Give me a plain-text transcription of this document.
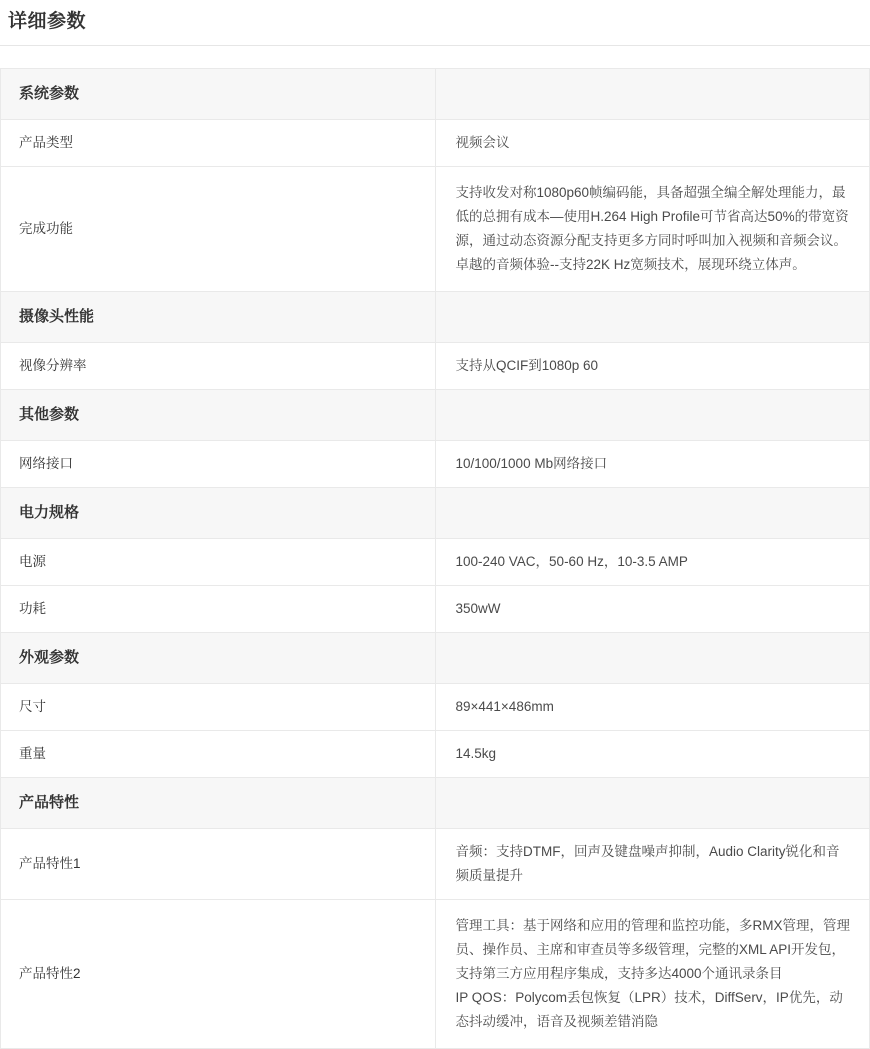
详细参数
系统参数	
产品类型	视频会议

完成功能	支持收发对称1080p60帧编码能，具备超强全编全解处理能力，最低的总拥有成本—使用H.264 High Profile可节省高达50%的带宽资源，通过动态资源分配支持更多方同时呼叫加入视频和音频会议。卓越的音频体验--支持22K Hz宽频技术，展现环绕立体声。

摄像头性能	
视像分辨率	支持从QCIF到1080p 60

其他参数	
网络接口	10/100/1000 Mb网络接口

电力规格	
电源	100-240 VAC，50-60 Hz，10-3.5 AMP

功耗	350wW

外观参数	
尺寸	89×441×486mm

重量	14.5kg

产品特性	
产品特性1	音频：支持DTMF，回声及键盘噪声抑制，Audio Clarity锐化和音频质量提升

产品特性2	管理工具：基于网络和应用的管理和监控功能，多RMX管理，管理员、操作员、主席和审查员等多级管理，完整的XML API开发包，支持第三方应用程序集成，支持多达4000个通讯录条目
IP QOS：Polycom丢包恢复（LPR）技术，DiffServ，IP优先，动态抖动缓冲，语音及视频差错消隐
